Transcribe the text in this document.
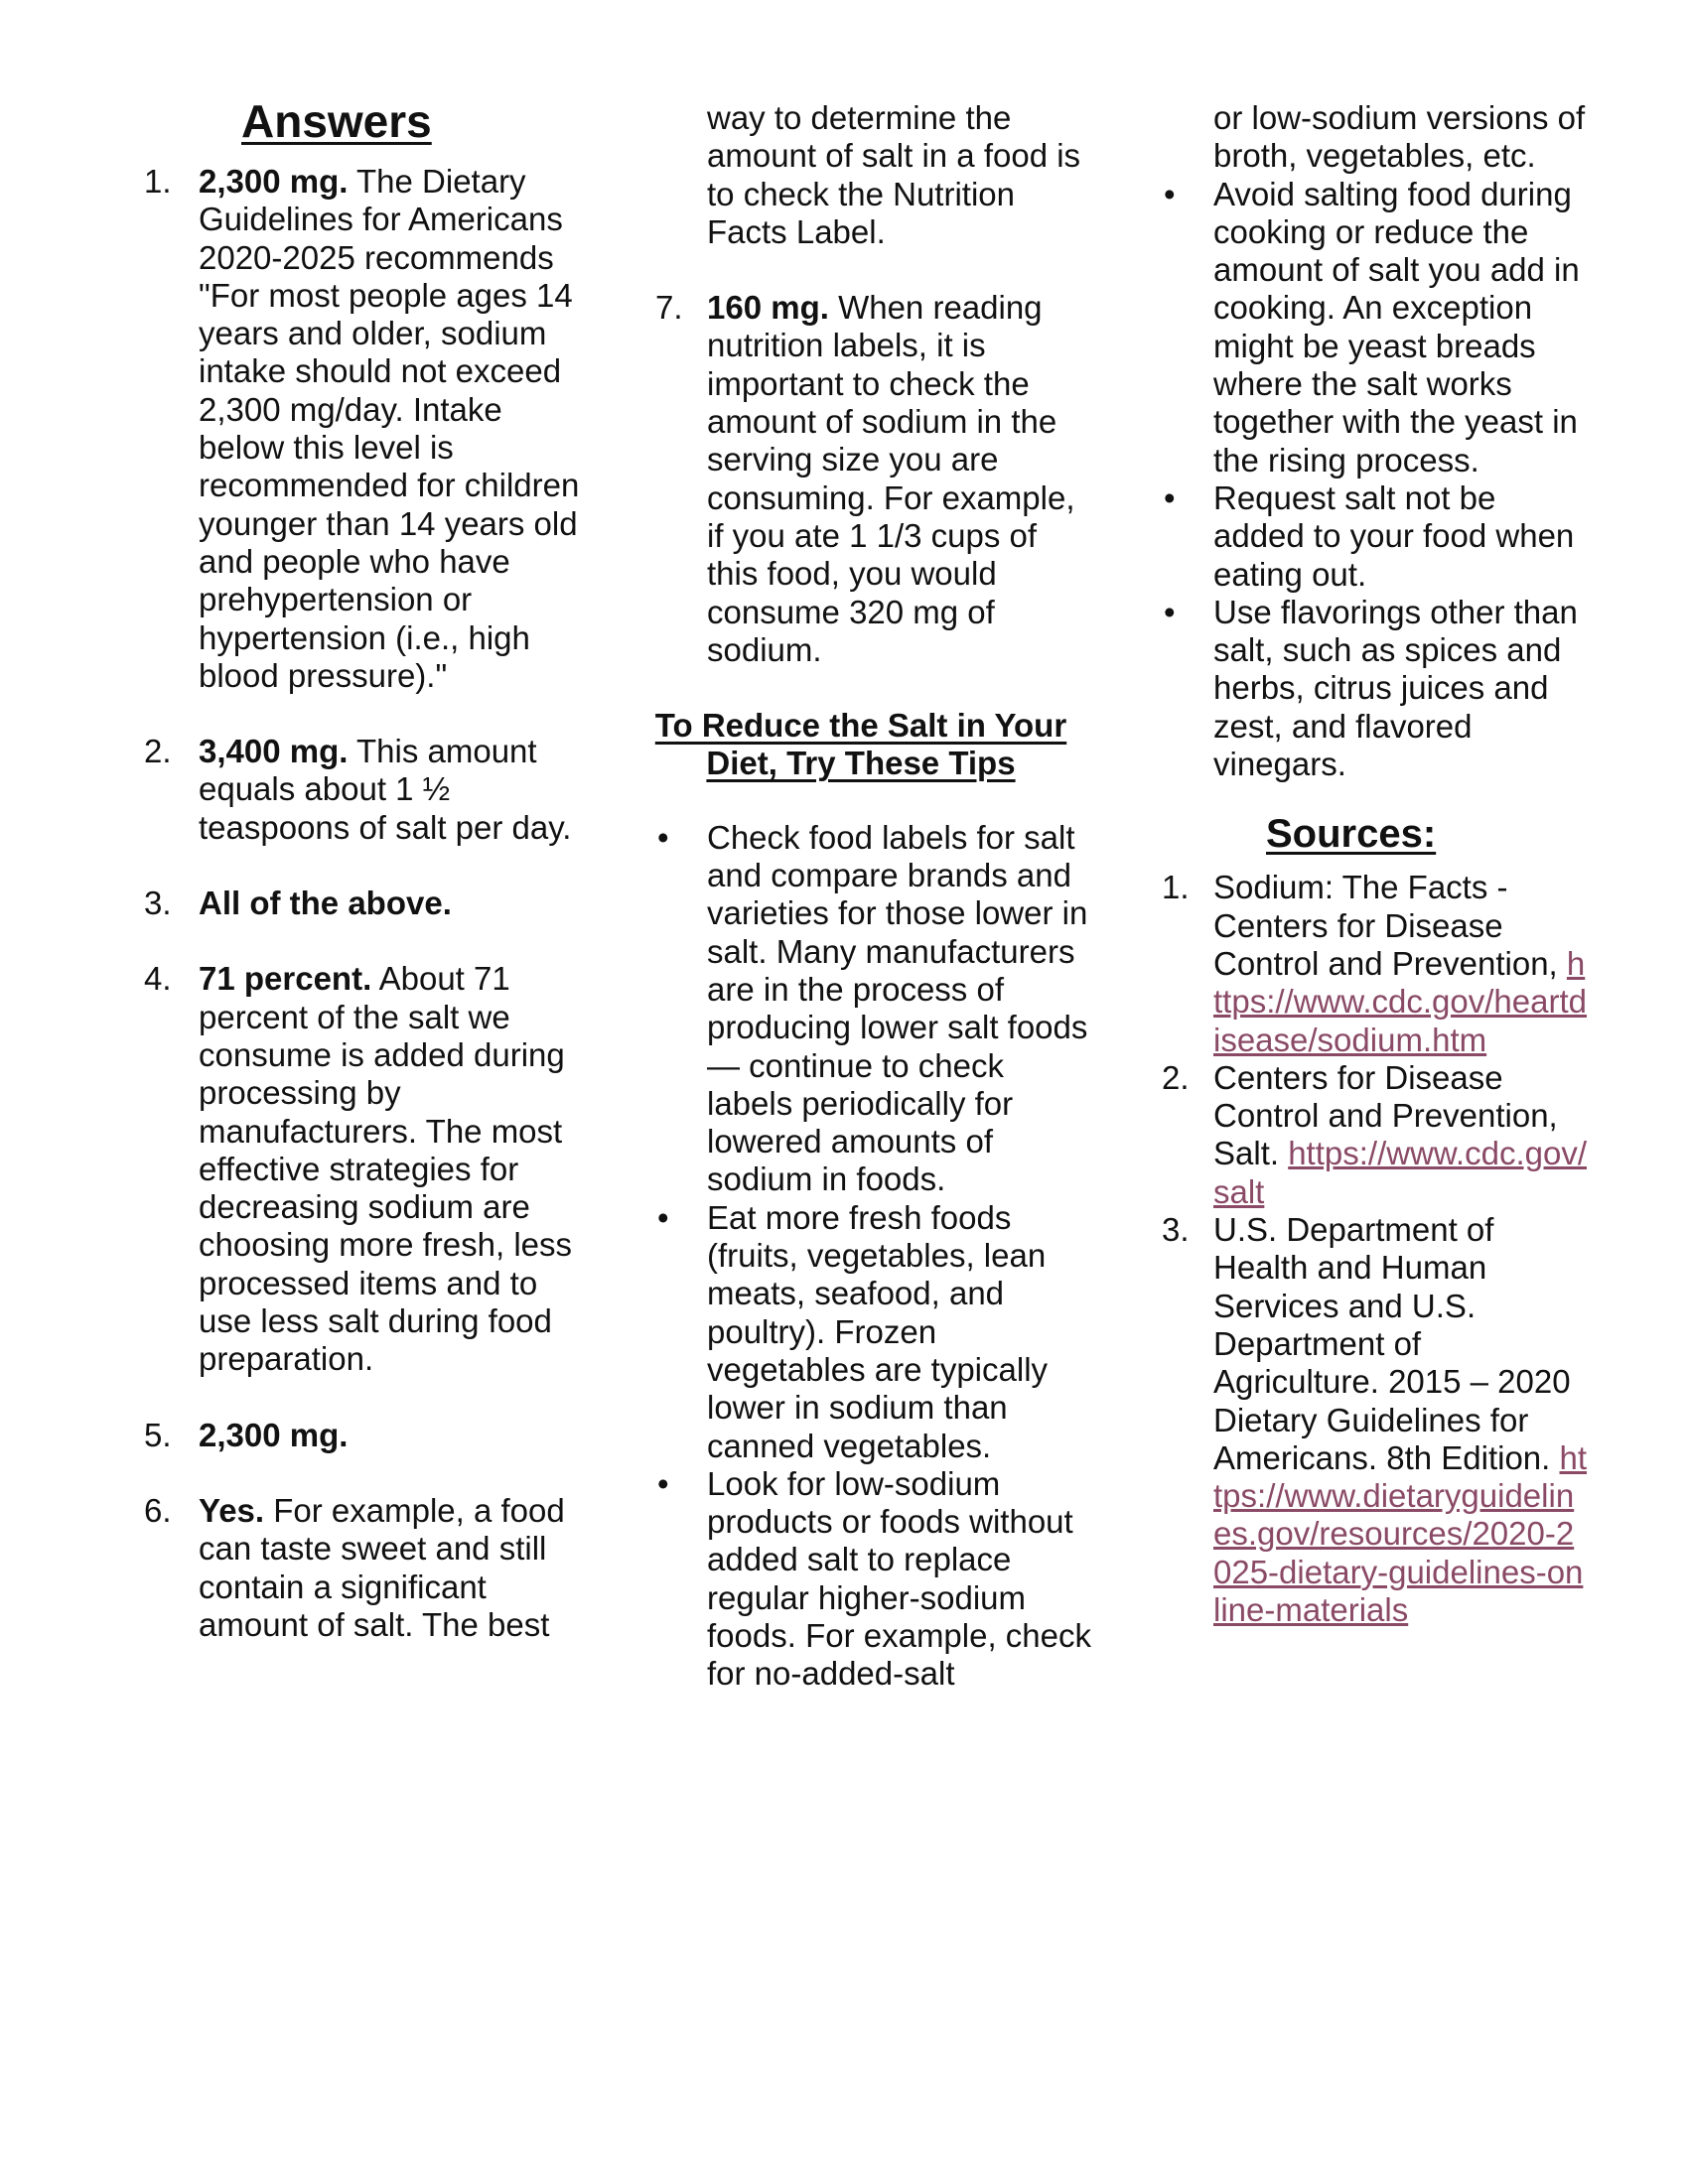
Answers
1. 2,300 mg. The Dietary Guidelines for Americans 2020-2025 recommends "For most people ages 14 years and older, sodium intake should not exceed 2,300 mg/day. Intake below this level is recommended for children younger than 14 years old and people who have prehypertension or hypertension (i.e., high blood pressure)."
2. 3,400 mg. This amount equals about 1 ½ teaspoons of salt per day.
3. All of the above.
4. 71 percent. About 71 percent of the salt we consume is added during processing by manufacturers. The most effective strategies for decreasing sodium are choosing more fresh, less processed items and to use less salt during food preparation.
5. 2,300 mg.
6. Yes. For example, a food can taste sweet and still contain a significant amount of salt. The best
way to determine the amount of salt in a food is to check the Nutrition Facts Label.
7. 160 mg. When reading nutrition labels, it is important to check the amount of sodium in the serving size you are consuming. For example, if you ate 1 1/3 cups of this food, you would consume 320 mg of sodium.
To Reduce the Salt in Your
Diet, Try These Tips
• Check food labels for salt and compare brands and varieties for those lower in salt. Many manufacturers are in the process of producing lower salt foods — continue to check labels periodically for lowered amounts of sodium in foods.
• Eat more fresh foods (fruits, vegetables, lean meats, seafood, and poultry). Frozen vegetables are typically lower in sodium than canned vegetables.
• Look for low-sodium products or foods without added salt to replace regular higher-sodium foods. For example, check for no-added-salt
or low-sodium versions of broth, vegetables, etc.
• Avoid salting food during cooking or reduce the amount of salt you add in cooking. An exception might be yeast breads where the salt works together with the yeast in the rising process.
• Request salt not be added to your food when eating out.
• Use flavorings other than salt, such as spices and herbs, citrus juices and zest, and flavored vinegars.
Sources:
1. Sodium: The Facts - Centers for Disease Control and Prevention, https://www.cdc.gov/heartdisease/sodium.htm
2. Centers for Disease Control and Prevention, Salt. https://www.cdc.gov/salt
3. U.S. Department of Health and Human Services and U.S. Department of Agriculture. 2015 – 2020 Dietary Guidelines for Americans. 8th Edition. https://www.dietaryguidelines.gov/resources/2020-2025-dietary-guidelines-online-materials
